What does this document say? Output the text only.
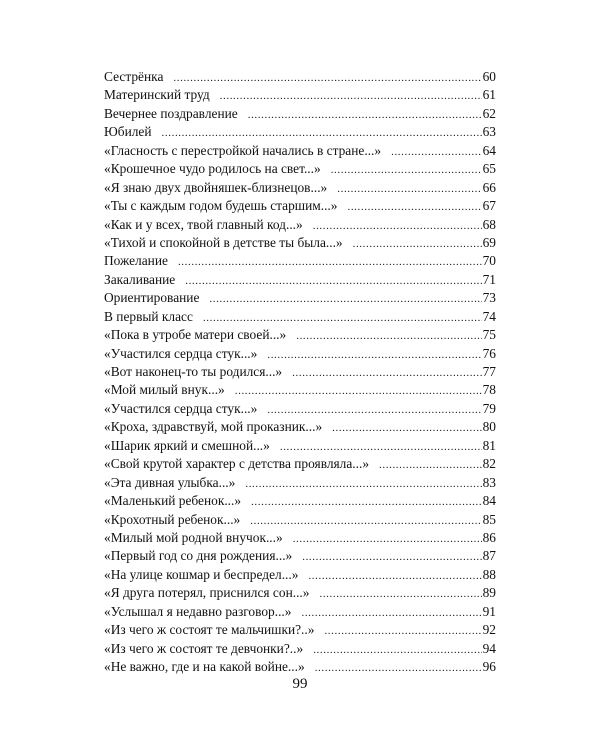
Сестрёнка .....	60
Материнский труд .....	61
Вечернее поздравление .....	62
Юбилей .....	63
«Гласность с перестройкой начались в стране...» .....	64
«Крошечное чудо родилось на свет...» .....	65
«Я знаю двух двойняшек-близнецов...» .....	66
«Ты с каждым годом будешь старшим...» .....	67
«Как и у всех, твой главный код...» .....	68
«Тихой и спокойной в детстве ты была...» .....	69
Пожелание .....	70
Закаливание .....	71
Ориентирование .....	73
В первый класс .....	74
«Пока в утробе матери своей...» .....	75
«Участился сердца стук...» .....	76
«Вот наконец-то ты родился...» .....	77
«Мой милый внук...» .....	78
«Участился сердца стук...» .....	79
«Кроха, здравствуй, мой проказник...» .....	80
«Шарик яркий и смешной...» .....	81
«Свой крутой характер с детства проявляла...» .....	82
«Эта дивная улыбка...» .....	83
«Маленький ребенок...» .....	84
«Крохотный ребенок...» .....	85
«Милый мой родной внучок...» .....	86
«Первый год со дня рождения...» .....	87
«На улице кошмар и беспредел...» .....	88
«Я друга потерял, приснился сон...» .....	89
«Услышал я недавно разговор...» .....	91
«Из чего ж состоят те мальчишки?..» .....	92
«Из чего ж состоят те девчонки?..» .....	94
«Не важно, где и на какой войне...» .....	96
99
